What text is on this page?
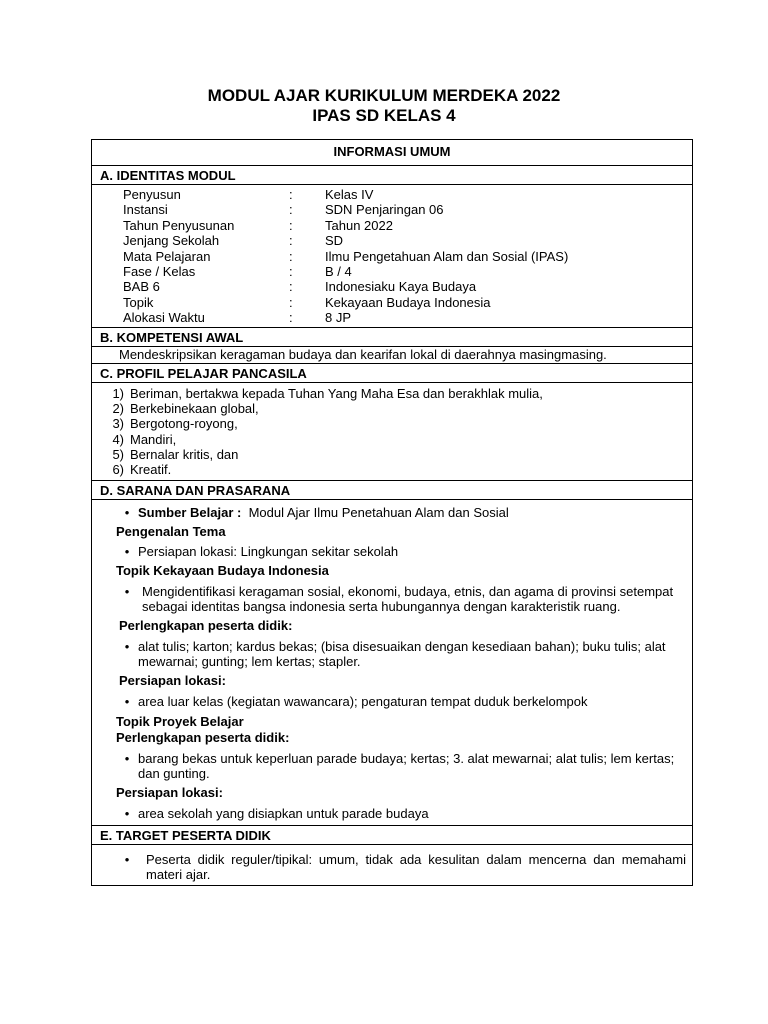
MODUL AJAR KURIKULUM MERDEKA 2022
IPAS SD KELAS 4
INFORMASI UMUM
A. IDENTITAS MODUL
Penyusun	:	Kelas IV
Instansi	:	SDN Penjaringan 06
Tahun Penyusunan	:	Tahun 2022
Jenjang Sekolah	:	SD
Mata Pelajaran	:	Ilmu Pengetahuan Alam dan Sosial (IPAS)
Fase / Kelas	:	B / 4
BAB 6	:	Indonesiaku Kaya Budaya
Topik	:	Kekayaan Budaya Indonesia
Alokasi Waktu	:	8 JP
B. KOMPETENSI AWAL
Mendeskripsikan keragaman budaya dan kearifan lokal di daerahnya masingmasing.
C. PROFIL PELAJAR PANCASILA
1) Beriman, bertakwa kepada Tuhan Yang Maha Esa dan berakhlak mulia,
2) Berkebinekaan global,
3) Bergotong-royong,
4) Mandiri,
5) Bernalar kritis, dan
6) Kreatif.
D. SARANA DAN PRASARANA
• Sumber Belajar : Modul Ajar Ilmu Penetahuan Alam dan Sosial
Pengenalan Tema
• Persiapan lokasi: Lingkungan sekitar sekolah
Topik Kekayaan Budaya Indonesia
• Mengidentifikasi keragaman sosial, ekonomi, budaya, etnis, dan agama di provinsi setempat sebagai identitas bangsa indonesia serta hubungannya dengan karakteristik ruang.
Perlengkapan peserta didik:
• alat tulis; karton; kardus bekas; (bisa disesuaikan dengan kesediaan bahan); buku tulis; alat mewarnai; gunting; lem kertas; stapler.
Persiapan lokasi:
• area luar kelas (kegiatan wawancara); pengaturan tempat duduk berkelompok
Topik Proyek Belajar
Perlengkapan peserta didik:
• barang bekas untuk keperluan parade budaya; kertas; 3. alat mewarnai; alat tulis; lem kertas; dan gunting.
Persiapan lokasi:
• area sekolah yang disiapkan untuk parade budaya
E. TARGET PESERTA DIDIK
•	Peserta didik reguler/tipikal: umum, tidak ada kesulitan dalam mencerna dan memahami materi ajar.
